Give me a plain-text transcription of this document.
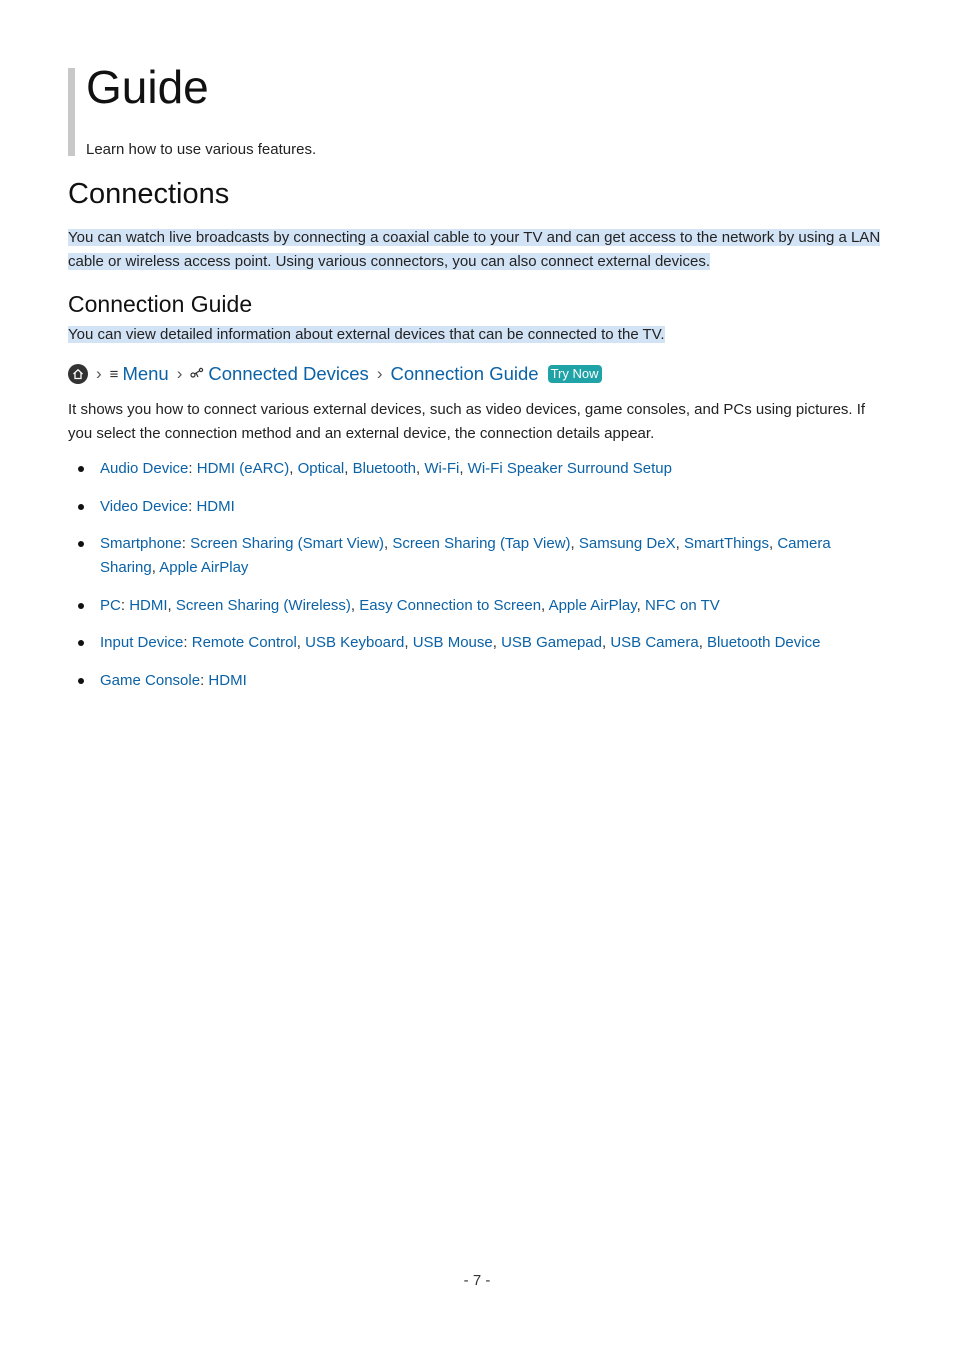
Guide

Learn how to use various features.

Connections

You can watch live broadcasts by connecting a coaxial cable to your TV and can get access to the network by using a LAN cable or wireless access point. Using various connectors, you can also connect external devices.

Connection Guide

You can view detailed information about external devices that can be connected to the TV.

› ≡ Menu › Connected Devices › Connection Guide Try Now

It shows you how to connect various external devices, such as video devices, game consoles, and PCs using pictures. If you select the connection method and an external device, the connection details appear.

Audio Device: HDMI (eARC), Optical, Bluetooth, Wi-Fi, Wi-Fi Speaker Surround Setup
Video Device: HDMI
Smartphone: Screen Sharing (Smart View), Screen Sharing (Tap View), Samsung DeX, SmartThings, Camera Sharing, Apple AirPlay
PC: HDMI, Screen Sharing (Wireless), Easy Connection to Screen, Apple AirPlay, NFC on TV
Input Device: Remote Control, USB Keyboard, USB Mouse, USB Gamepad, USB Camera, Bluetooth Device
Game Console: HDMI
- 7 -
